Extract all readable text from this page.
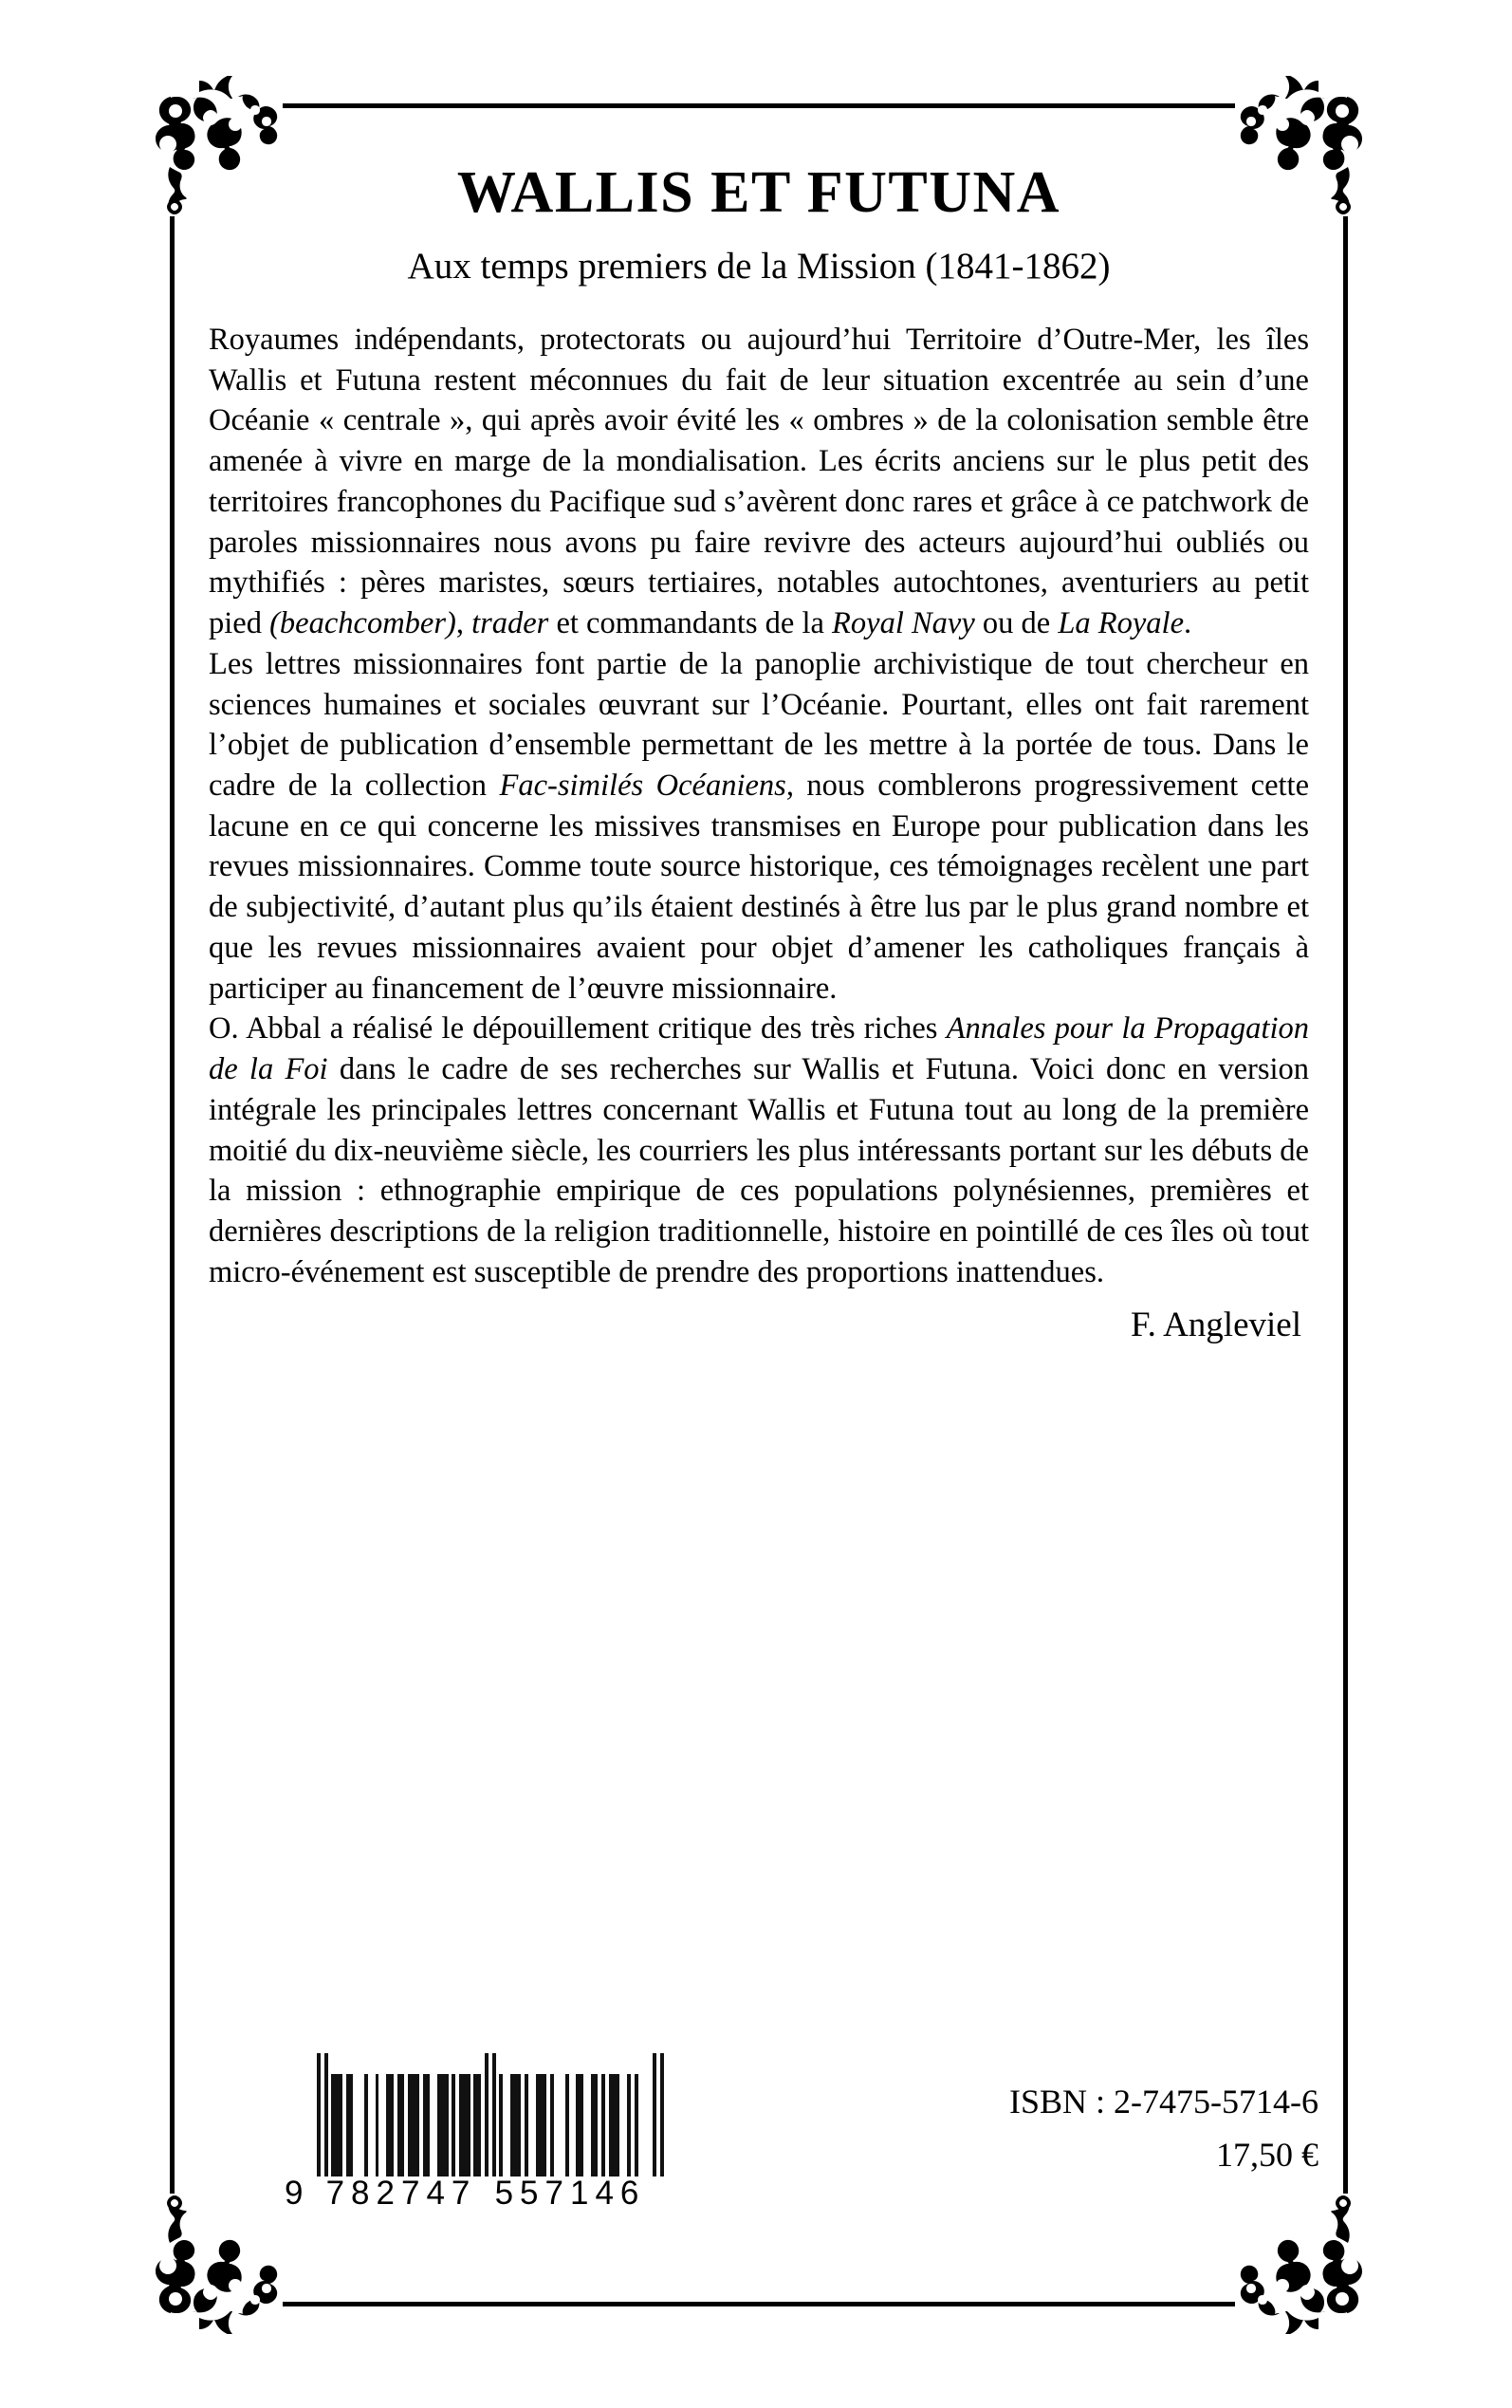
WALLIS ET FUTUNA
Aux temps premiers de la Mission (1841-1862)

Royaumes indépendants, protectorats ou aujourd’hui Territoire d’Outre-Mer, les îles Wallis et Futuna restent méconnues du fait de leur situation excentrée au sein d’une Océanie « centrale », qui après avoir évité les « ombres » de la colonisation semble être amenée à vivre en marge de la mondialisation. Les écrits anciens sur le plus petit des territoires francophones du Pacifique sud s’avèrent donc rares et grâce à ce patchwork de paroles missionnaires nous avons pu faire revivre des acteurs aujourd’hui oubliés ou mythifiés : pères maristes, sœurs tertiaires, notables autochtones, aventuriers au petit pied (beachcomber), trader et commandants de la Royal Navy ou de La Royale.

Les lettres missionnaires font partie de la panoplie archivistique de tout chercheur en sciences humaines et sociales œuvrant sur l’Océanie. Pourtant, elles ont fait rarement l’objet de publication d’ensemble permettant de les mettre à la portée de tous. Dans le cadre de la collection Fac-similés Océaniens, nous comblerons progressivement cette lacune en ce qui concerne les missives transmises en Europe pour publication dans les revues missionnaires. Comme toute source historique, ces témoignages recèlent une part de subjectivité, d’autant plus qu’ils étaient destinés à être lus par le plus grand nombre et que les revues missionnaires avaient pour objet d’amener les catholiques français à participer au financement de l’œuvre missionnaire.

O. Abbal a réalisé le dépouillement critique des très riches Annales pour la Propagation de la Foi dans le cadre de ses recherches sur Wallis et Futuna. Voici donc en version intégrale les principales lettres concernant Wallis et Futuna tout au long de la première moitié du dix-neuvième siècle, les courriers les plus intéressants portant sur les débuts de la mission : ethnographie empirique de ces populations polynésiennes, premières et dernières descriptions de la religion traditionnelle, histoire en pointillé de ces îles où tout micro-événement est susceptible de prendre des proportions inattendues.

F. Angleviel
9 782747 557146
ISBN : 2-7475-5714-6
17,50 €
